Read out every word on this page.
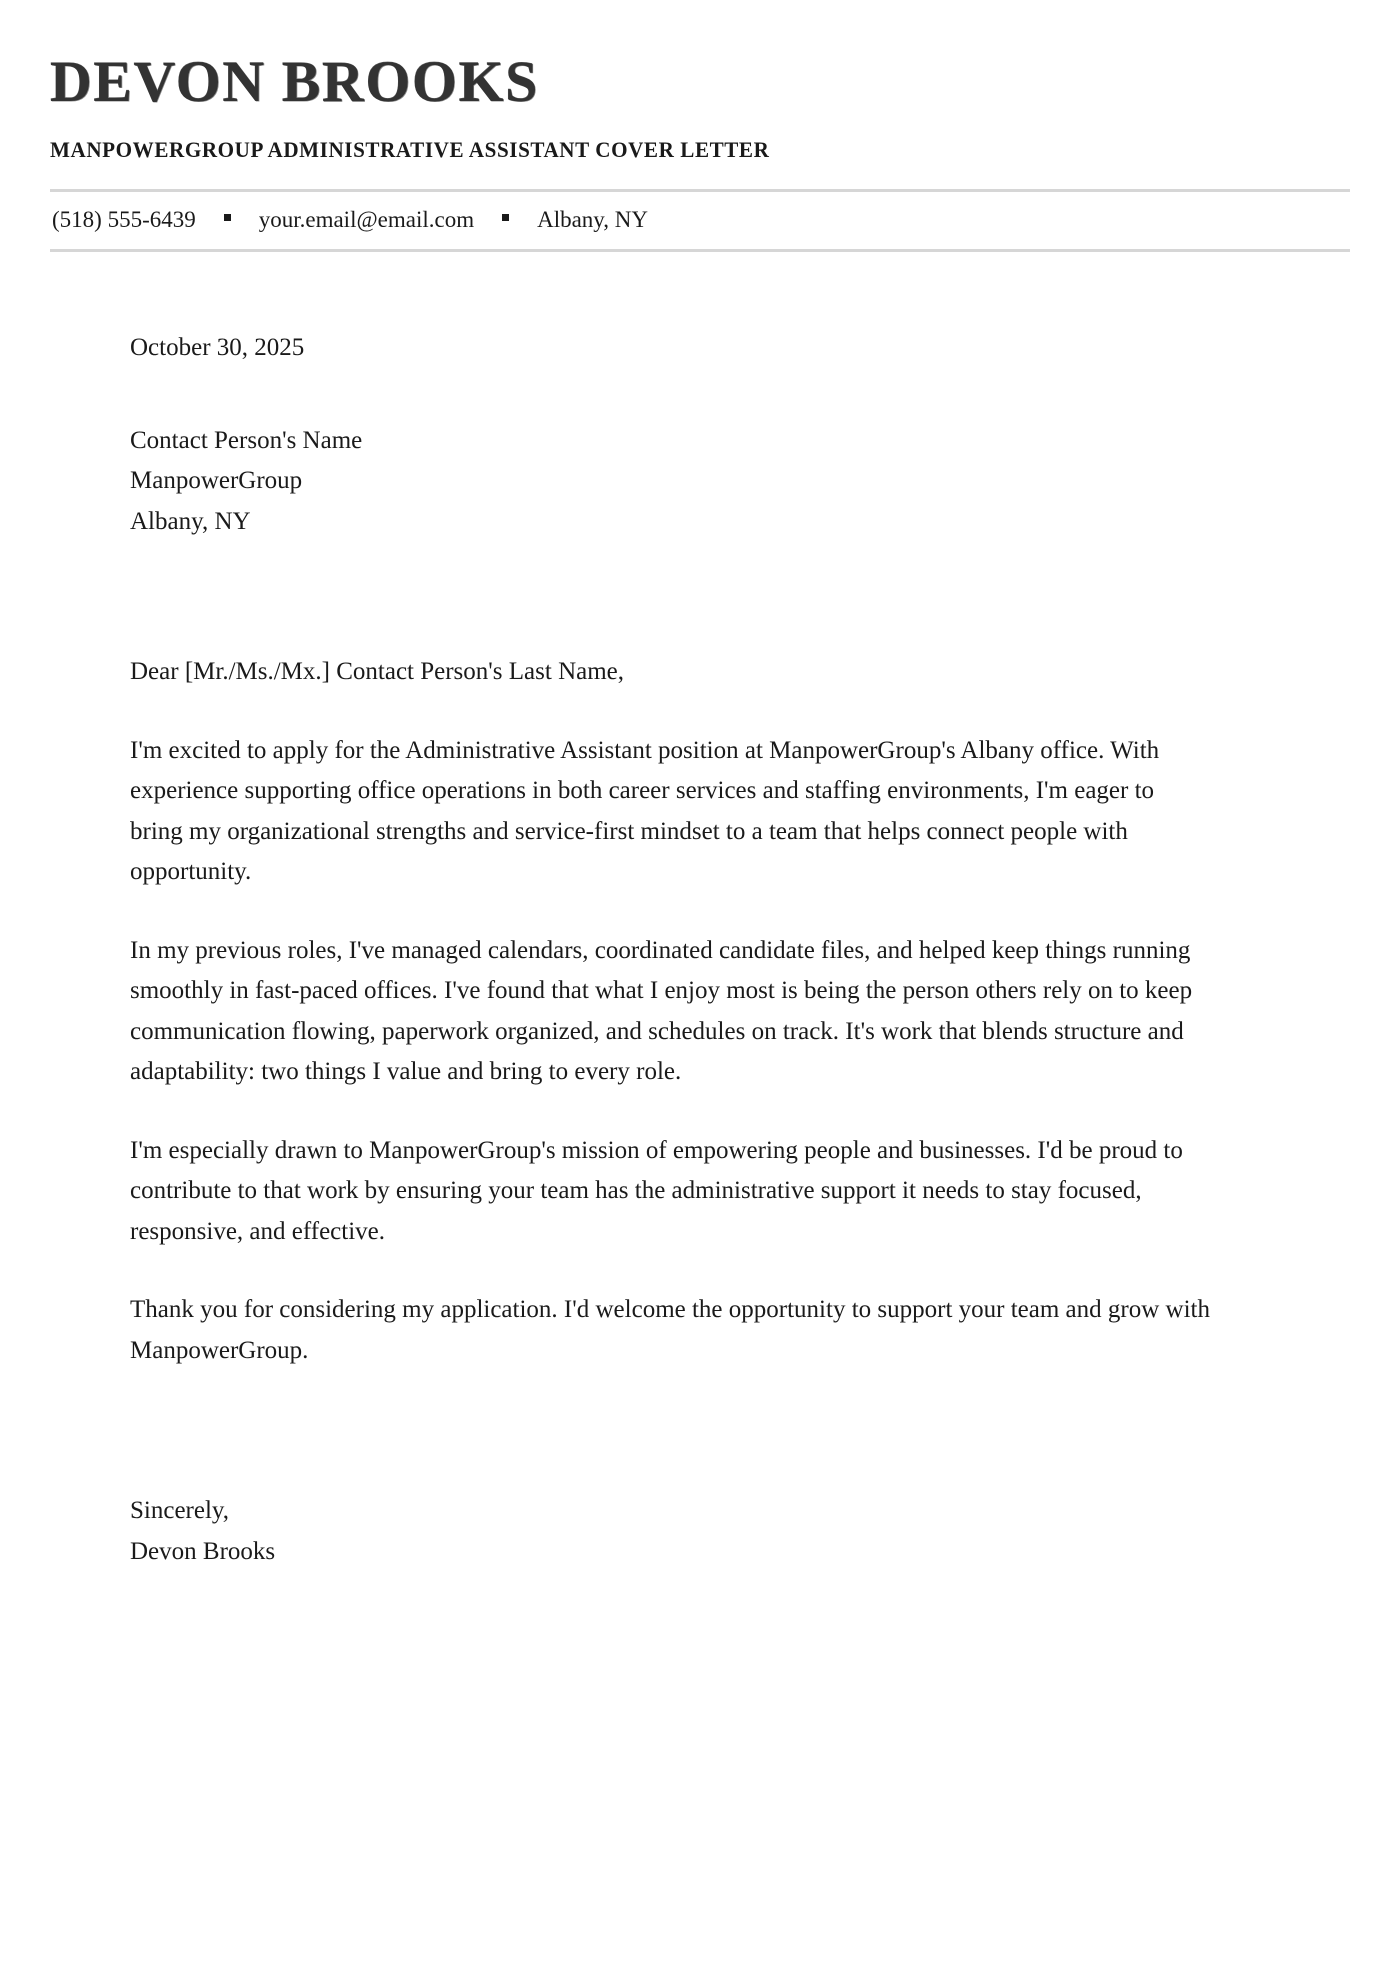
DEVON BROOKS
MANPOWERGROUP ADMINISTRATIVE ASSISTANT COVER LETTER
(518) 555-6439	your.email@email.com	Albany, NY
October 30, 2025
Contact Person's Name
ManpowerGroup
Albany, NY
Dear [Mr./Ms./Mx.] Contact Person's Last Name,
I'm excited to apply for the Administrative Assistant position at ManpowerGroup's Albany office. With experience supporting office operations in both career services and staffing environments, I'm eager to bring my organizational strengths and service-first mindset to a team that helps connect people with opportunity.
In my previous roles, I've managed calendars, coordinated candidate files, and helped keep things running smoothly in fast-paced offices. I've found that what I enjoy most is being the person others rely on to keep communication flowing, paperwork organized, and schedules on track. It's work that blends structure and adaptability: two things I value and bring to every role.
I'm especially drawn to ManpowerGroup's mission of empowering people and businesses. I'd be proud to contribute to that work by ensuring your team has the administrative support it needs to stay focused, responsive, and effective.
Thank you for considering my application. I'd welcome the opportunity to support your team and grow with ManpowerGroup.
Sincerely,
Devon Brooks
